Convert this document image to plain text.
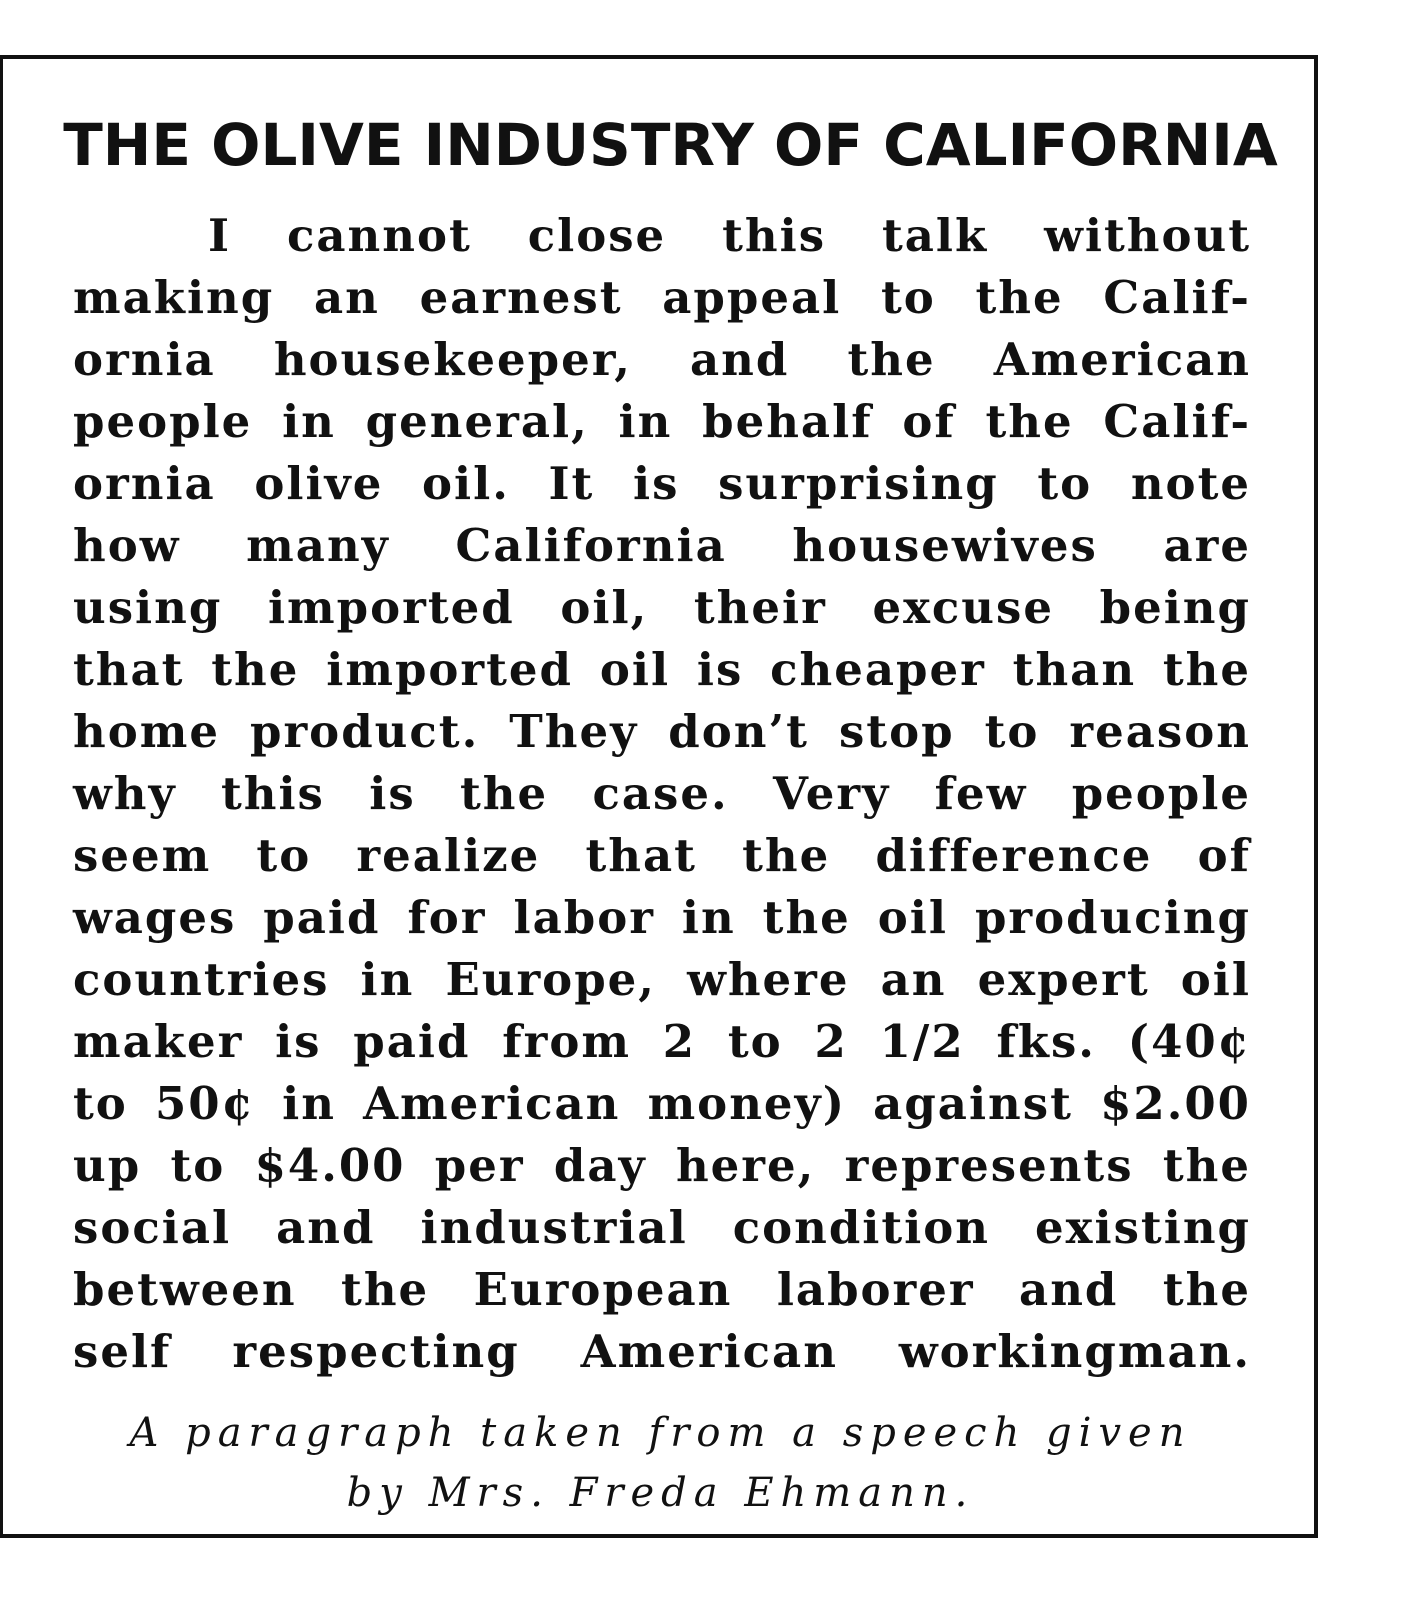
THE OLIVE INDUSTRY OF CALIFORNIA
I cannot close this talk without
making an earnest appeal to the Calif-
ornia housekeeper, and the American
people in general, in behalf of the Calif-
ornia olive oil. It is surprising to note
how many California housewives are
using imported oil, their excuse being
that the imported oil is cheaper than the
home product. They don’t stop to reason
why this is the case. Very few people
seem to realize that the difference of
wages paid for labor in the oil producing
countries in Europe, where an expert oil
maker is paid from 2 to 2 1/2 fks. (40¢
to 50¢ in American money) against $2.00
up to $4.00 per day here, represents the
social and industrial condition existing
between the European laborer and the
self respecting American workingman.
A paragraph taken from a speech given
by Mrs. Freda Ehmann.
